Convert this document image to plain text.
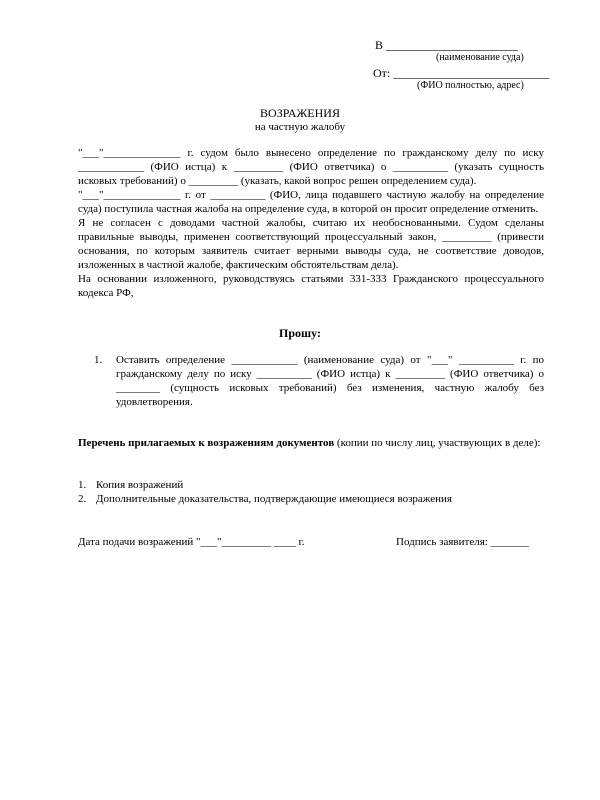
В ______________________
(наименование суда)
От: __________________________
(ФИО полностью, адрес)
ВОЗРАЖЕНИЯ
на частную жалобу

"___"______________ г. судом было вынесено определение по гражданскому делу по иску ____________ (ФИО истца) к _________ (ФИО ответчика) о __________ (указать сущность исковых требований) о _________ (указать, какой вопрос решен определением суда).

"___"______________ г. от __________ (ФИО, лица подавшего частную жалобу на определение суда) поступила частная жалоба на определение суда, в которой он просит определение отменить.

Я не согласен с доводами частной жалобы, считаю их необоснованными. Судом сделаны правильные выводы, применен соответствующий процессуальный закон, _________ (привести основания, по которым заявитель считает верными выводы суда, не соответствие доводов, изложенных в частной жалобе, фактическим обстоятельствам дела).

На основании изложенного, руководствуясь статьями 331-333 Гражданского процессуального кодекса РФ,

Прошу:
1. Оставить определение ____________ (наименование суда) от "___" __________ г. по гражданскому делу по иску __________ (ФИО истца) к _________ (ФИО ответчика) о ________ (сущность исковых требований) без изменения, частную жалобу без удовлетворения.
Перечень прилагаемых к возражениям документов (копии по числу лиц, участвующих в деле):
1. Копия возражений
2. Дополнительные доказательства, подтверждающие имеющиеся возражения
Дата подачи возражений "___"_________ ____ г.	Подпись заявителя: _______
